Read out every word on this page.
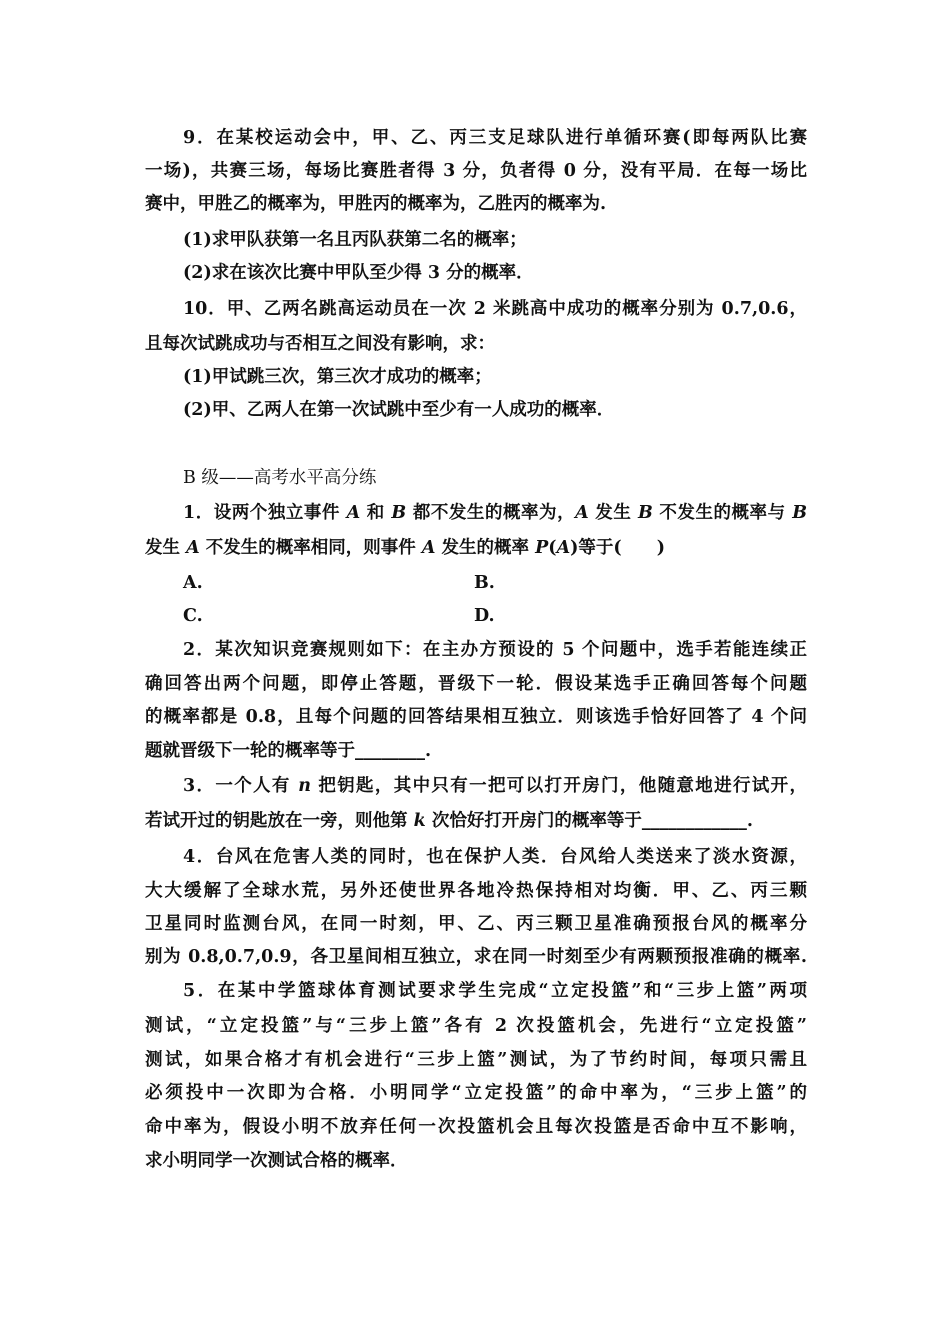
9．在某校运动会中，甲、乙、丙三支足球队进行单循环赛(即每两队比赛
一场)，共赛三场，每场比赛胜者得 3 分，负者得 0 分，没有平局．在每一场比
赛中，甲胜乙的概率为，甲胜丙的概率为，乙胜丙的概率为.
(1)求甲队获第一名且丙队获第二名的概率；
(2)求在该次比赛中甲队至少得 3 分的概率．
10．甲、乙两名跳高运动员在一次 2 米跳高中成功的概率分别为 0.7,0.6，
且每次试跳成功与否相互之间没有影响，求：
(1)甲试跳三次，第三次才成功的概率；
(2)甲、乙两人在第一次试跳中至少有一人成功的概率．
B 级——高考水平高分练
1．设两个独立事件 A 和 B 都不发生的概率为，A 发生 B 不发生的概率与 B
发生 A 不发生的概率相同，则事件 A 发生的概率 P(A)等于(　　)
A.	B.
C.	D.
2．某次知识竞赛规则如下：在主办方预设的 5 个问题中，选手若能连续正
确回答出两个问题，即停止答题，晋级下一轮．假设某选手正确回答每个问题
的概率都是 0.8，且每个问题的回答结果相互独立．则该选手恰好回答了 4 个问
题就晋级下一轮的概率等于________.
3．一个人有 n 把钥匙，其中只有一把可以打开房门，他随意地进行试开，
若试开过的钥匙放在一旁，则他第 k 次恰好打开房门的概率等于____________.
4．台风在危害人类的同时，也在保护人类．台风给人类送来了淡水资源，
大大缓解了全球水荒，另外还使世界各地冷热保持相对均衡．甲、乙、丙三颗
卫星同时监测台风，在同一时刻，甲、乙、丙三颗卫星准确预报台风的概率分
别为 0.8,0.7,0.9，各卫星间相互独立，求在同一时刻至少有两颗预报准确的概率.
5．在某中学篮球体育测试要求学生完成“立定投篮”和“三步上篮”两项
测试，“立定投篮”与“三步上篮”各有 2 次投篮机会，先进行“立定投篮”
测试，如果合格才有机会进行“三步上篮”测试，为了节约时间，每项只需且
必须投中一次即为合格．小明同学“立定投篮”的命中率为，“三步上篮”的
命中率为，假设小明不放弃任何一次投篮机会且每次投篮是否命中互不影响，
求小明同学一次测试合格的概率．
